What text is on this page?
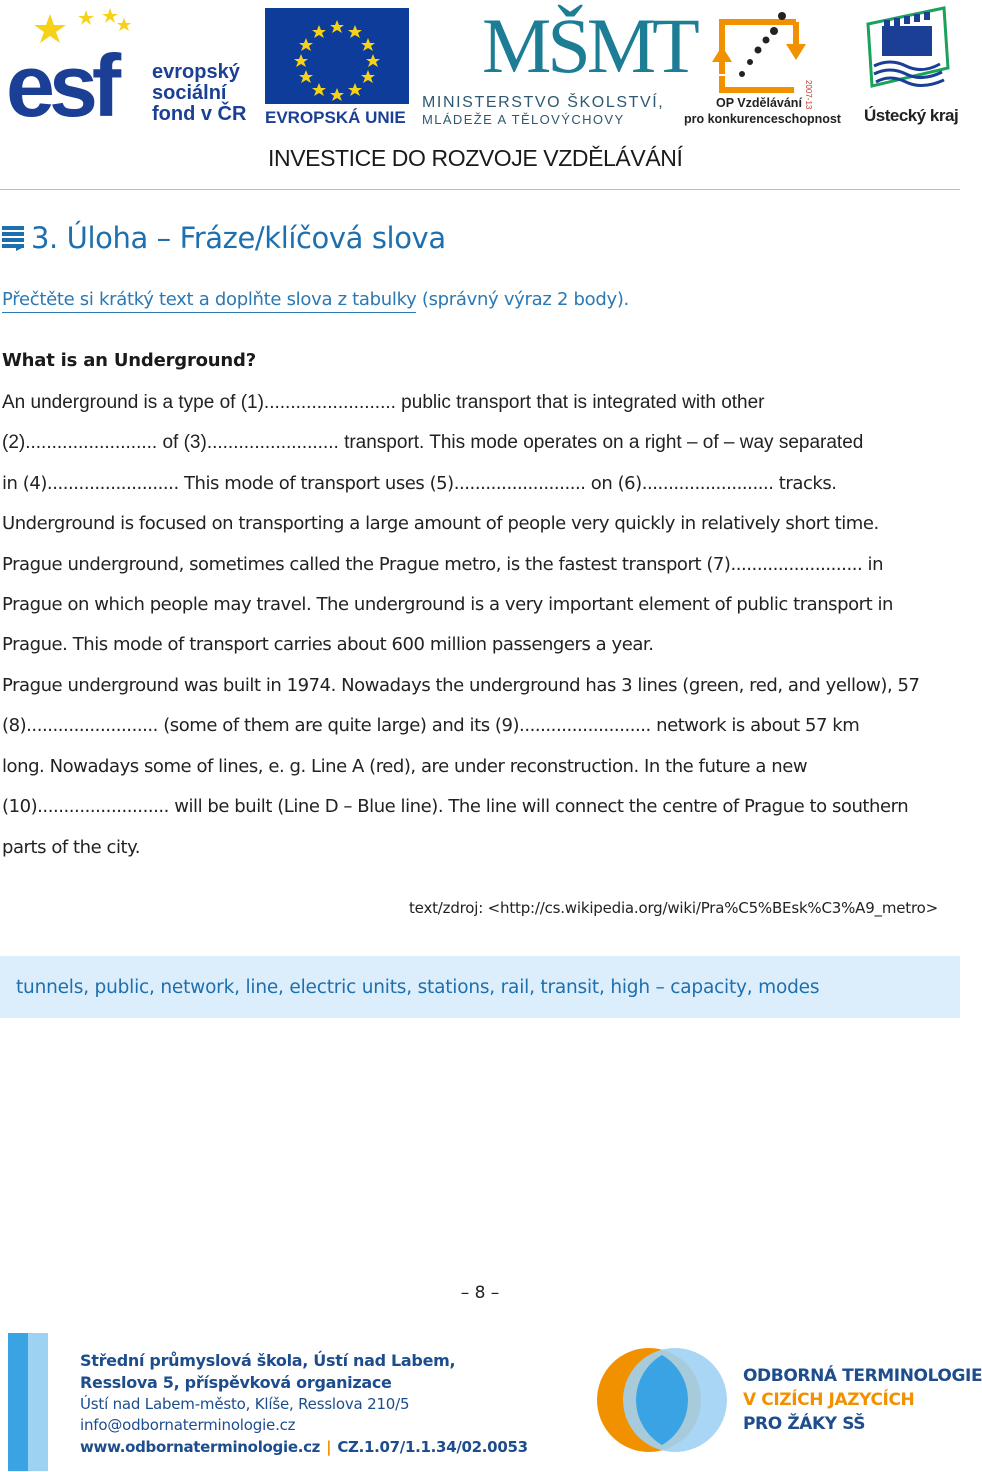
esf evropský
sociální
fond v ČR EVROPSKÁ UNIE
MŠMT
MINISTERSTVO ŠKOLSTVÍ,
MLÁDEŽE A TĚLOVÝCHOVY
2007-13
OP Vzdělávání
pro konkurenceschopnost Ústecký kraj
INVESTICE DO ROZVOJE VZDĚLÁVÁNÍ
3. Úloha – Fráze/klíčová slova
Přečtěte si krátký text a doplňte slova z tabulky (správný výraz 2 body).
What is an Underground?
An underground is a type of (1)......................... public transport that is integrated with other
(2)......................... of (3)......................... transport. This mode operates on a right – of – way separated
in (4)......................... This mode of transport uses (5)......................... on (6)......................... tracks.
Underground is focused on transporting a large amount of people very quickly in relatively short time.
Prague underground, sometimes called the Prague metro, is the fastest transport (7)......................... in
Prague on which people may travel. The underground is a very important element of public transport in
Prague. This mode of transport carries about 600 million passengers a year.
Prague underground was built in 1974. Nowadays the underground has 3 lines (green, red, and yellow), 57
(8)......................... (some of them are quite large) and its (9)......................... network is about 57 km
long. Nowadays some of lines, e. g. Line A (red), are under reconstruction. In the future a new
(10)......................... will be built (Line D – Blue line). The line will connect the centre of Prague to southern
parts of the city.
text/zdroj: <http://cs.wikipedia.org/wiki/Pra%C5%BEsk%C3%A9_metro>
tunnels, public, network, line, electric units, stations, rail, transit, high – capacity, modes
– 8 –
Střední průmyslová škola, Ústí nad Labem,
Resslova 5, příspěvková organizace
Ústí nad Labem-město, Klíše, Resslova 210/5
info@odbornaterminologie.cz
www.odbornaterminologie.cz | CZ.1.07/1.1.34/02.0053
ODBORNÁ TERMINOLOGIE
V CIZÍCH JAZYCÍCH
PRO ŽÁKY SŠ
